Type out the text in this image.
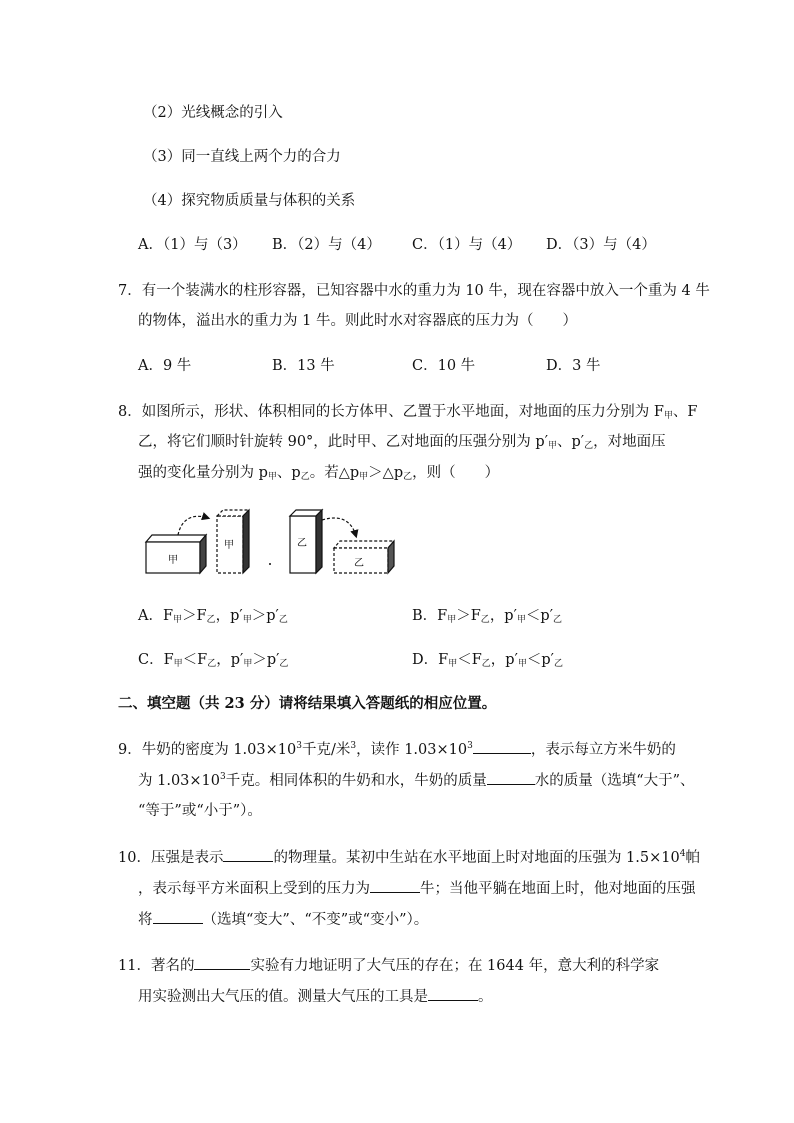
（2）光线概念的引入
（3）同一直线上两个力的合力
（4）探究物质质量与体积的关系
A．（1）与（3） B．（2）与（4） C．（1）与（4） D．（3）与（4）
7．有一个装满水的柱形容器，已知容器中水的重力为 10 牛，现在容器中放入一个重为 4 牛
的物体，溢出水的重力为 1 牛。则此时水对容器底的压力为（　　）
A．9 牛	B．13 牛	C．10 牛	D．3 牛
8．如图所示，形状、体积相同的长方体甲、乙置于水平地面，对地面的压力分别为 $F_甲$、F
乙，将它们顺时针旋转 90°，此时甲、乙对地面的压强分别为 $p'_甲$、$p'_乙$，对地面压
强的变化量分别为 $p_甲$、$p_乙$。若$\triangle p_甲>\triangle p_乙$，则（　　）
甲
甲	乙
乙
A．$F_甲>F_乙$，$p'_甲>p'_乙$	B．$F_甲>F_乙$，$p'_甲<p'_乙$
C．$F_甲<F_乙$，$p'_甲>p'_乙$	D．$F_甲<F_乙$，$p'_甲<p'_乙$
二、填空题（共 23 分）请将结果填入答题纸的相应位置。
9．牛奶的密度为 $1.03\times 10^3$千克/米$^3$，读作 $1.03\times 10^3$	，表示每立方米牛奶的
为 $1.03\times 10^3$千克。相同体积的牛奶和水，牛奶的质量	水的质量（选填“大于”、
“等于”或“小于”）。
10．压强是表示	的物理量。某初中生站在水平地面上时对地面的压强为 $1.5\times 10^4$帕
，表示每平方米面积上受到的压力为	牛；当他平躺在地面上时，他对地面的压强
将	（选填“变大”、“不变”或“变小”）。
11．著名的	实验有力地证明了大气压的存在；在 1644 年，意大利的科学家
用实验测出大气压的值。测量大气压的工具是	。
